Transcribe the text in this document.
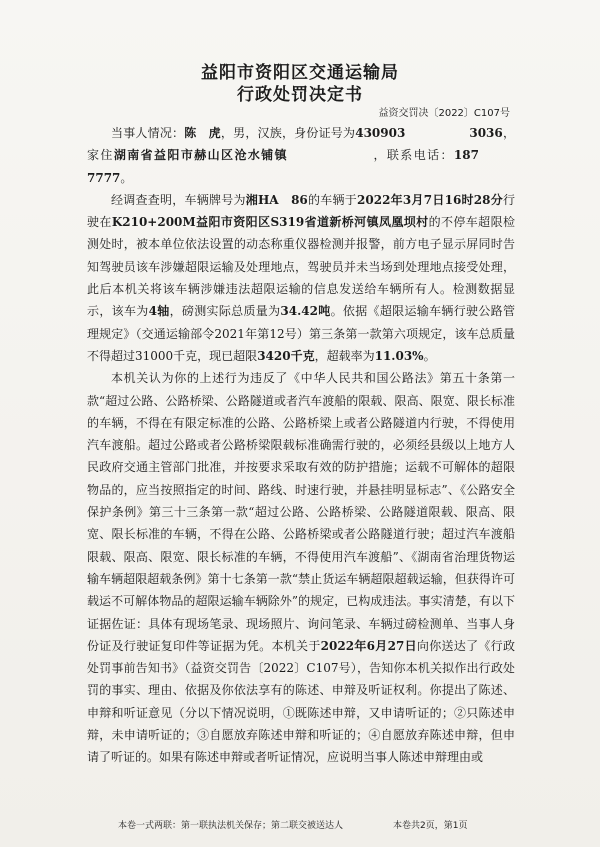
益阳市资阳区交通运输局
行政处罚决定书
益资交罚决〔2022〕C107号

当事人情况：陈　虎，男，汉族，身份证号为430903	3036，家住湖南省益阳市赫山区沧水铺镇	，联系电话：1877777。

经调查查明，车辆牌号为湘HA　86的车辆于2022年3月7日16时28分行驶在K210+200M益阳市资阳区S319省道新桥河镇凤凰坝村的不停车超限检测处时，被本单位依法设置的动态称重仪器检测并报警，前方电子显示屏同时告知驾驶员该车涉嫌超限运输及处理地点，驾驶员并未当场到处理地点接受处理，此后本机关将该车辆涉嫌违法超限运输的信息发送给车辆所有人。检测数据显示，该车为4轴，磅测实际总质量为34.42吨。依据《超限运输车辆行驶公路管理规定》（交通运输部令2021年第12号）第三条第一款第六项规定，该车总质量不得超过31000千克，现已超限3420千克，超载率为11.03%。

本机关认为你的上述行为违反了《中华人民共和国公路法》第五十条第一款“超过公路、公路桥梁、公路隧道或者汽车渡船的限载、限高、限宽、限长标准的车辆，不得在有限定标准的公路、公路桥梁上或者公路隧道内行驶，不得使用汽车渡船。超过公路或者公路桥梁限载标准确需行驶的，必须经县级以上地方人民政府交通主管部门批准，并按要求采取有效的防护措施；运载不可解体的超限物品的，应当按照指定的时间、路线、时速行驶，并悬挂明显标志”、《公路安全保护条例》第三十三条第一款“超过公路、公路桥梁、公路隧道限载、限高、限宽、限长标准的车辆，不得在公路、公路桥梁或者公路隧道行驶；超过汽车渡船限载、限高、限宽、限长标准的车辆，不得使用汽车渡船”、《湖南省治理货物运输车辆超限超载条例》第十七条第一款“禁止货运车辆超限超载运输，但获得许可载运不可解体物品的超限运输车辆除外”的规定，已构成违法。事实清楚，有以下证据佐证：具体有现场笔录、现场照片、询问笔录、车辆过磅检测单、当事人身份证及行驶证复印件等证据为凭。本机关于2022年6月27日向你送达了《行政处罚事前告知书》（益资交罚告〔2022〕C107号），告知你本机关拟作出行政处罚的事实、理由、依据及你依法享有的陈述、申辩及听证权利。你提出了陈述、申辩和听证意见（分以下情况说明，①既陈述申辩，又申请听证的；②只陈述申辩，未申请听证的；③自愿放弃陈述申辩和听证的；④自愿放弃陈述申辩，但申请了听证的。如果有陈述申辩或者听证情况，应说明当事人陈述申辩理由或

本卷一式两联：第一联执法机关保存；第二联交被送达人	本卷共2页，第1页
